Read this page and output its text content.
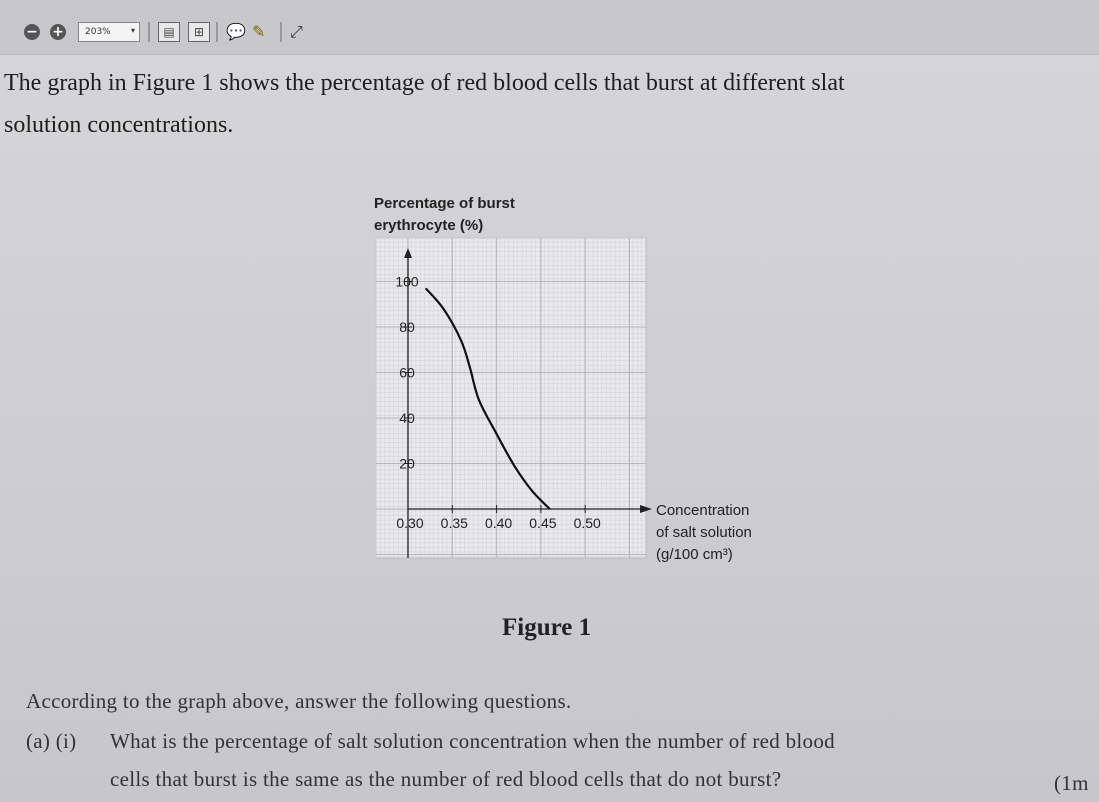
− + 203%	▾	▤	⊞	💬 ✎ ⤢
The graph in Figure 1 shows the percentage of red blood cells that burst at different slat
solution concentrations.
Percentage of burst
erythrocyte (%)
100
80
60
40
20
0.30 0.35 0.40 0.45 0.50
Concentration
of salt solution
(g/100 cm³)
Figure 1
According to the graph above, answer the following questions.
(a) (i) What is the percentage of salt solution concentration when the number of red blood
cells that burst is the same as the number of red blood cells that do not burst?	(1m
